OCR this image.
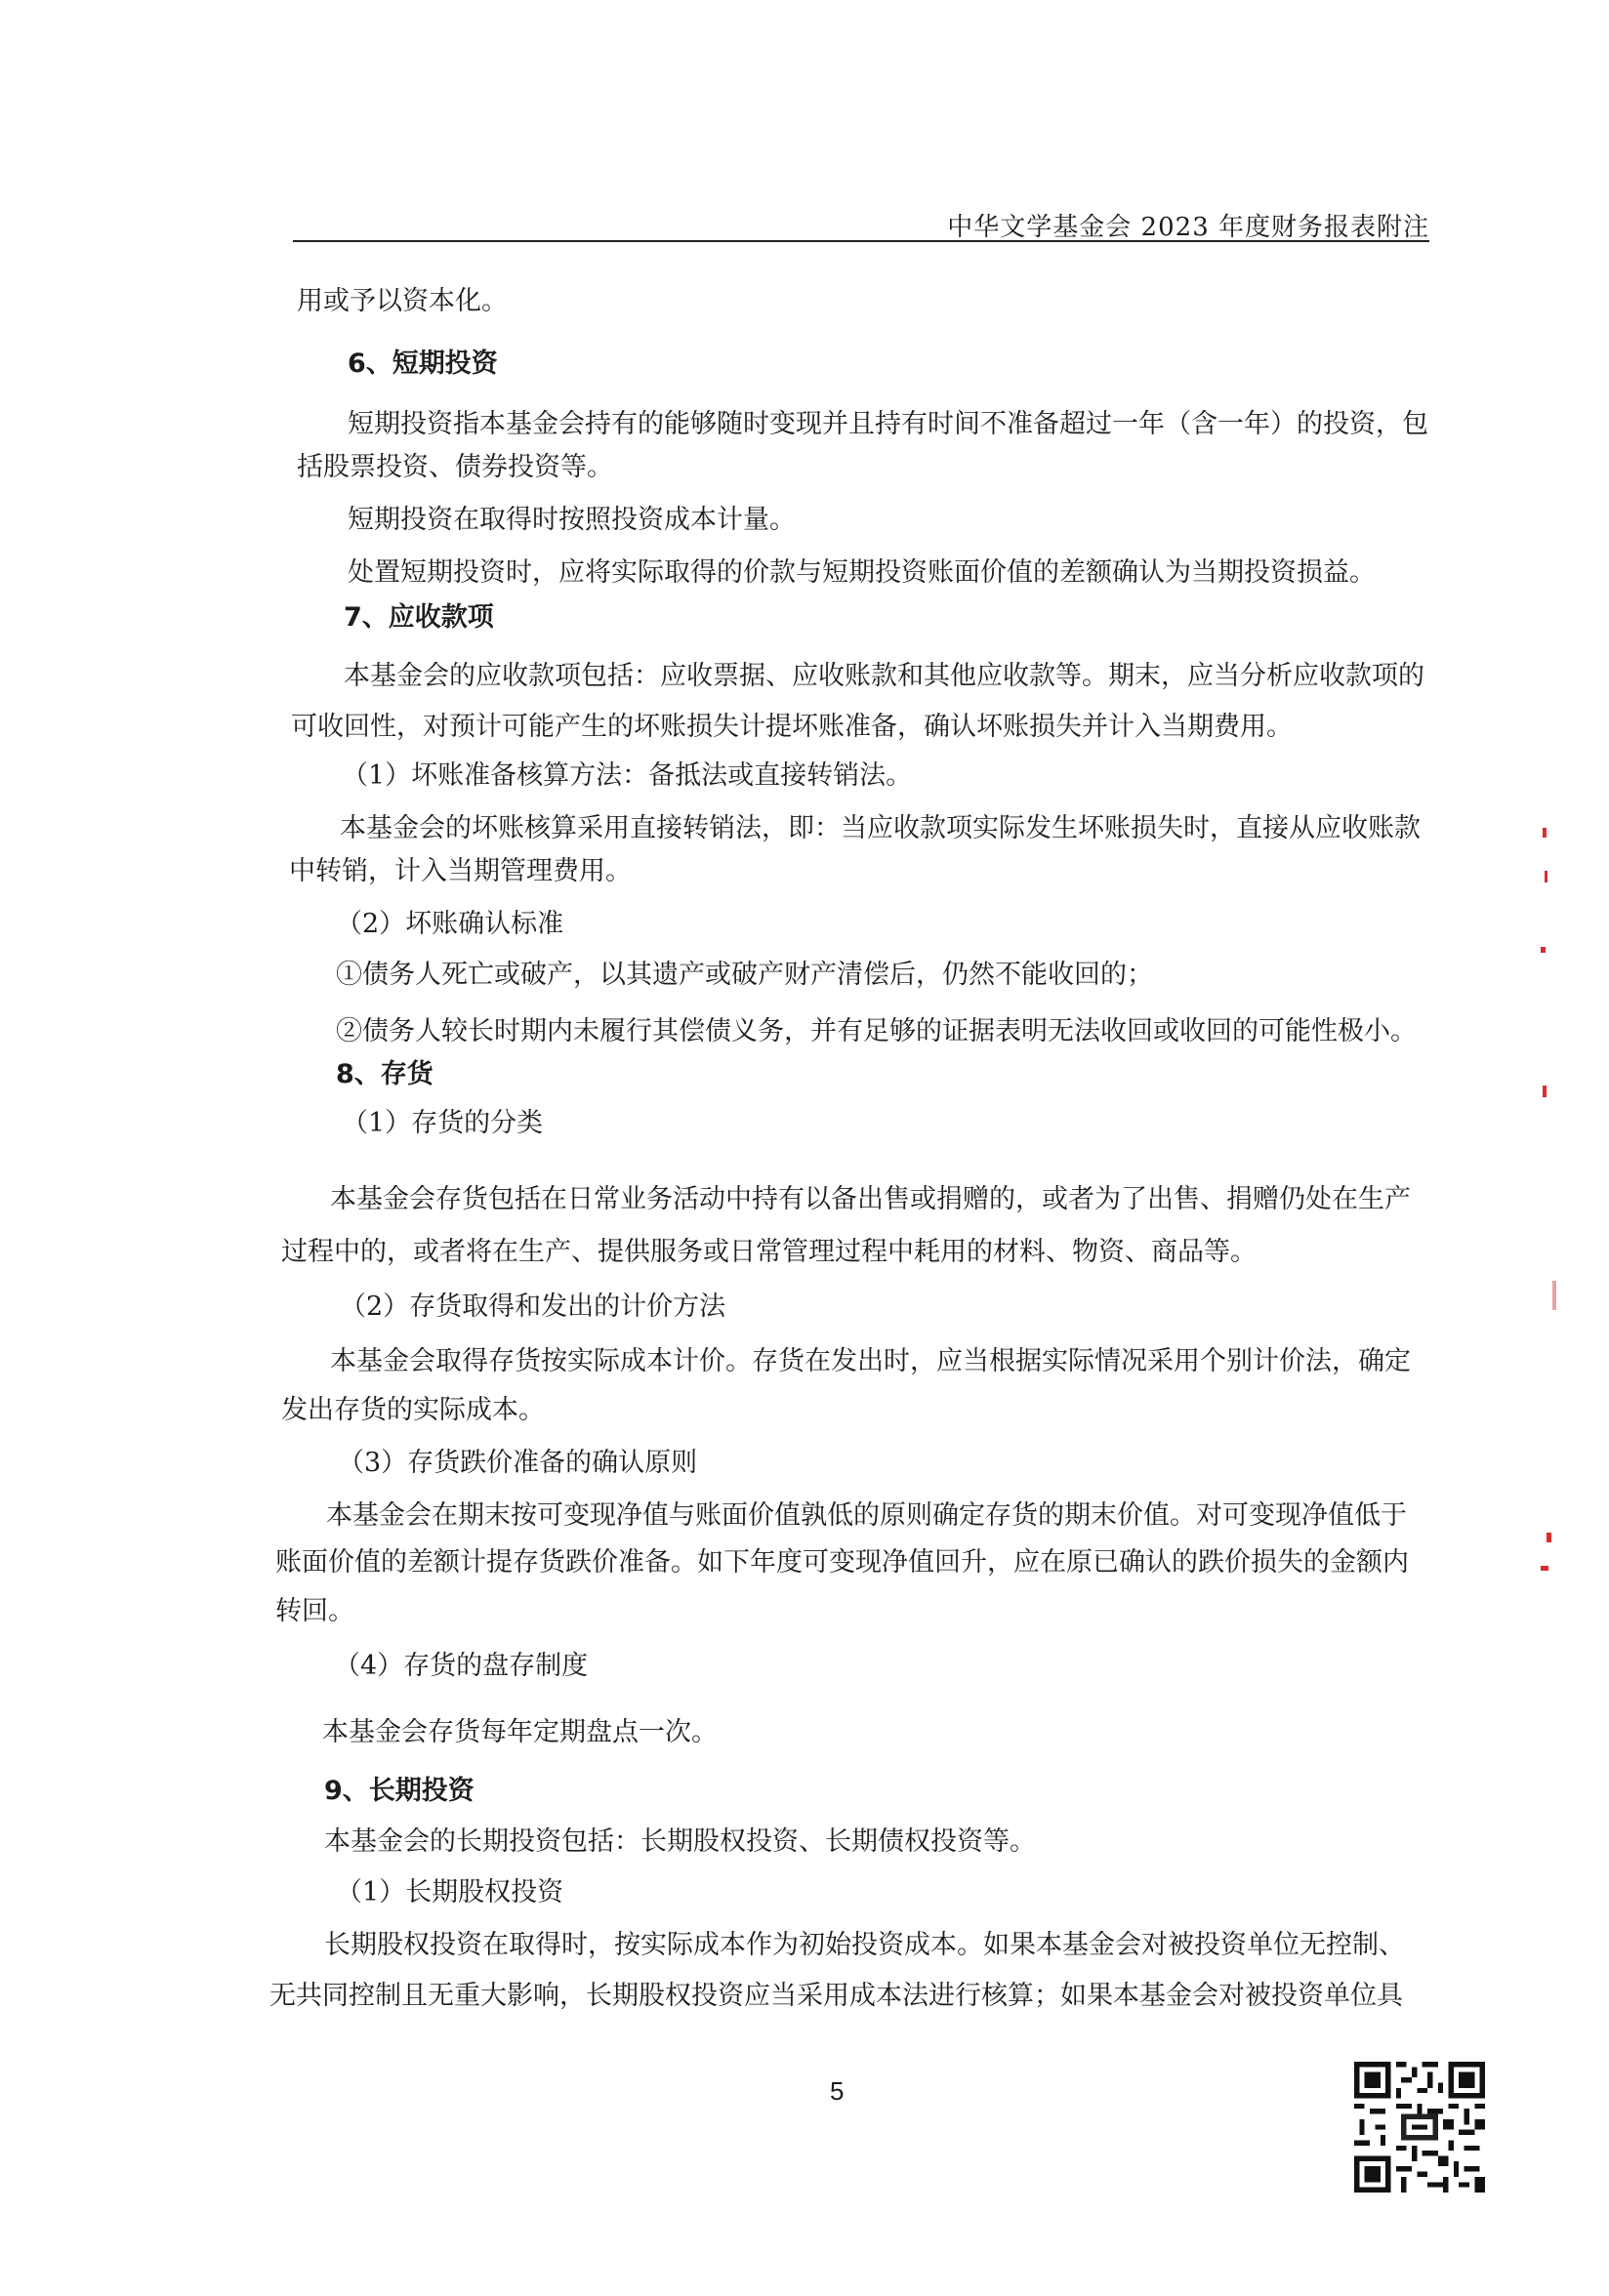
中华文学基金会 2023 年度财务报表附注
用或予以资本化。
6、短期投资
短期投资指本基金会持有的能够随时变现并且持有时间不准备超过一年（含一年）的投资，包
括股票投资、债券投资等。
短期投资在取得时按照投资成本计量。
处置短期投资时，应将实际取得的价款与短期投资账面价值的差额确认为当期投资损益。
7、应收款项
本基金会的应收款项包括：应收票据、应收账款和其他应收款等。期末，应当分析应收款项的
可收回性，对预计可能产生的坏账损失计提坏账准备，确认坏账损失并计入当期费用。
（1）坏账准备核算方法：备抵法或直接转销法。
本基金会的坏账核算采用直接转销法，即：当应收款项实际发生坏账损失时，直接从应收账款
中转销，计入当期管理费用。
（2）坏账确认标准
①债务人死亡或破产，以其遗产或破产财产清偿后，仍然不能收回的；
②债务人较长时期内未履行其偿债义务，并有足够的证据表明无法收回或收回的可能性极小。
8、存货
（1）存货的分类
本基金会存货包括在日常业务活动中持有以备出售或捐赠的，或者为了出售、捐赠仍处在生产
过程中的，或者将在生产、提供服务或日常管理过程中耗用的材料、物资、商品等。
（2）存货取得和发出的计价方法
本基金会取得存货按实际成本计价。存货在发出时，应当根据实际情况采用个别计价法，确定
发出存货的实际成本。
（3）存货跌价准备的确认原则
本基金会在期末按可变现净值与账面价值孰低的原则确定存货的期末价值。对可变现净值低于
账面价值的差额计提存货跌价准备。如下年度可变现净值回升，应在原已确认的跌价损失的金额内
转回。
（4）存货的盘存制度
本基金会存货每年定期盘点一次。
9、长期投资
本基金会的长期投资包括：长期股权投资、长期债权投资等。
（1）长期股权投资
长期股权投资在取得时，按实际成本作为初始投资成本。如果本基金会对被投资单位无控制、
无共同控制且无重大影响，长期股权投资应当采用成本法进行核算；如果本基金会对被投资单位具
5
